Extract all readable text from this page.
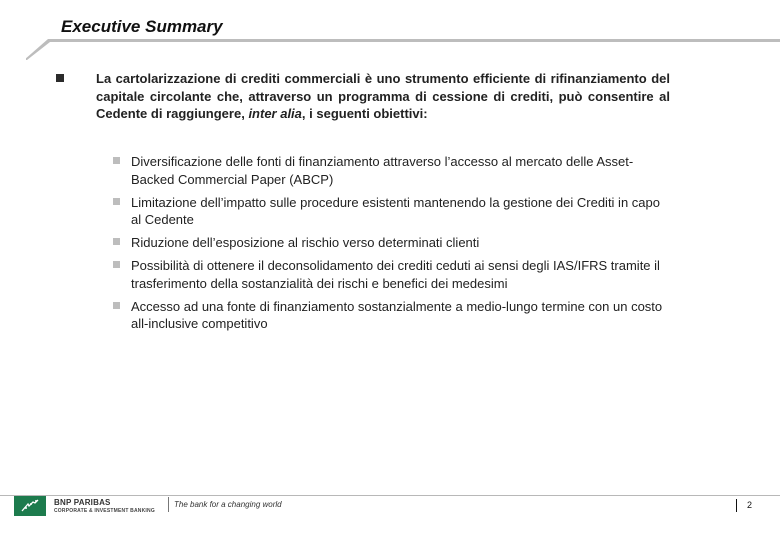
Executive Summary
La cartolarizzazione di crediti commerciali è uno strumento efficiente di rifinanziamento del capitale circolante che, attraverso un programma di cessione di crediti, può consentire al Cedente di raggiungere, inter alia, i seguenti obiettivi:
Diversificazione delle fonti di finanziamento attraverso l’accesso al mercato delle Asset-Backed Commercial Paper (ABCP)
Limitazione dell’impatto sulle procedure esistenti mantenendo la gestione dei Crediti in capo al Cedente
Riduzione dell’esposizione al rischio verso determinati clienti
Possibilità di ottenere il deconsolidamento dei crediti ceduti ai sensi degli IAS/IFRS tramite il trasferimento della sostanzialità dei rischi e benefici dei medesimi
Accesso ad una fonte di finanziamento sostanzialmente a medio-lungo termine con un costo all-inclusive competitivo
BNP PARIBAS
CORPORATE & INVESTMENT BANKING
The bank for a changing world	2
